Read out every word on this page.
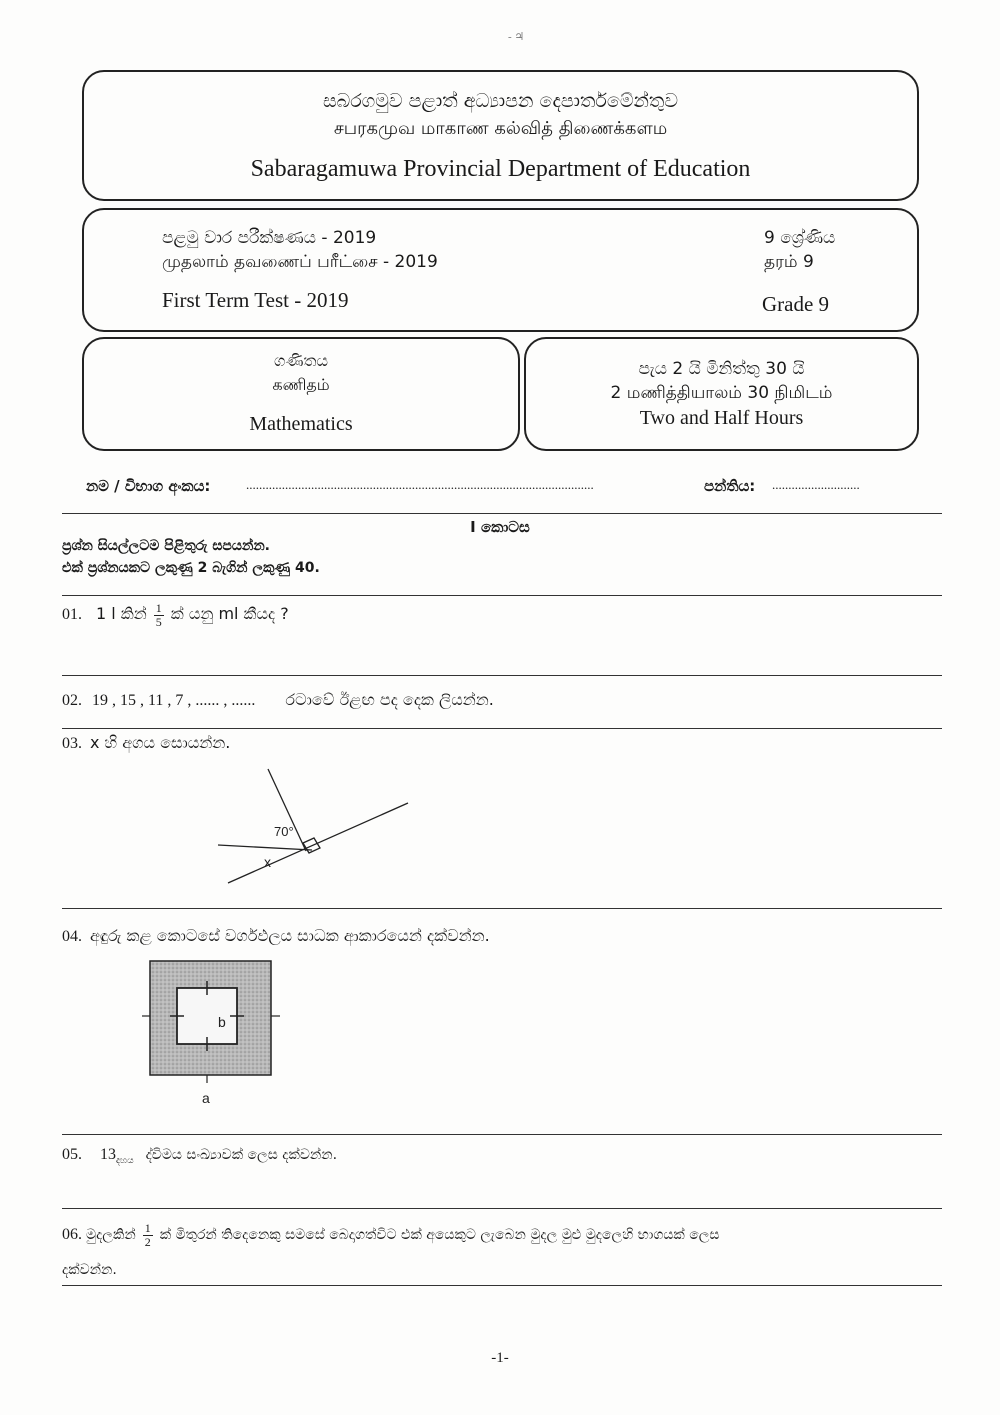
- ♃
සබරගමුව පළාත් අධ්‍යාපන දෙපාර්තමේන්තුව
சபரகமுவ மாகாண கல்வித் திணைக்களம
Sabaragamuwa Provincial Department of Education
පළමු වාර පරීක්ෂණය - 2019
முதலாம் தவணைப் பரீட்சை - 2019
First Term Test - 2019
9 ශ්‍රේණිය
தரம் 9
Grade 9
ගණිතය
கணிதம்
Mathematics
පැය 2 යි මිනිත්තු 30 යි
2 மணித்தியாலம் 30 நிமிடம்
Two and Half Hours
නම / විභාග අංකය:	...........................................................................................................	පන්තිය: ...........................
I කොටස
ප්‍රශ්න සියල්ලටම පිළිතුරු සපයන්න.
එක් ප්‍රශ්නයකට ලකුණු 2 බැගින් ලකුණු 40.
01. 1 l කින් $\frac{1}{5}$ ක් යනු ml කීයද ?
02. 19 , 15 , 11 , 7 , ...... , ...... රටාවේ ඊළඟ පද දෙක ලියන්න.
03. x හි අගය සොයන්න.
70°
x
04. අඳුරු කළ කොටසේ වර්ගඵලය සාධක ආකාරයෙන් දක්වන්න.
b
a
05. $13_{දහය}$ ද්විමය සංඛ්‍යාවක් ලෙස දක්වන්න.
06. මුදලකින් $\frac{1}{2}$ ක් මිතුරන් තිදෙනෙකු සමසේ බෙදාගත්විට එක් අයෙකුට ලැබෙන මුදල මුළු මුදලෙහි භාගයක් ලෙස
දක්වන්න.
-1-
